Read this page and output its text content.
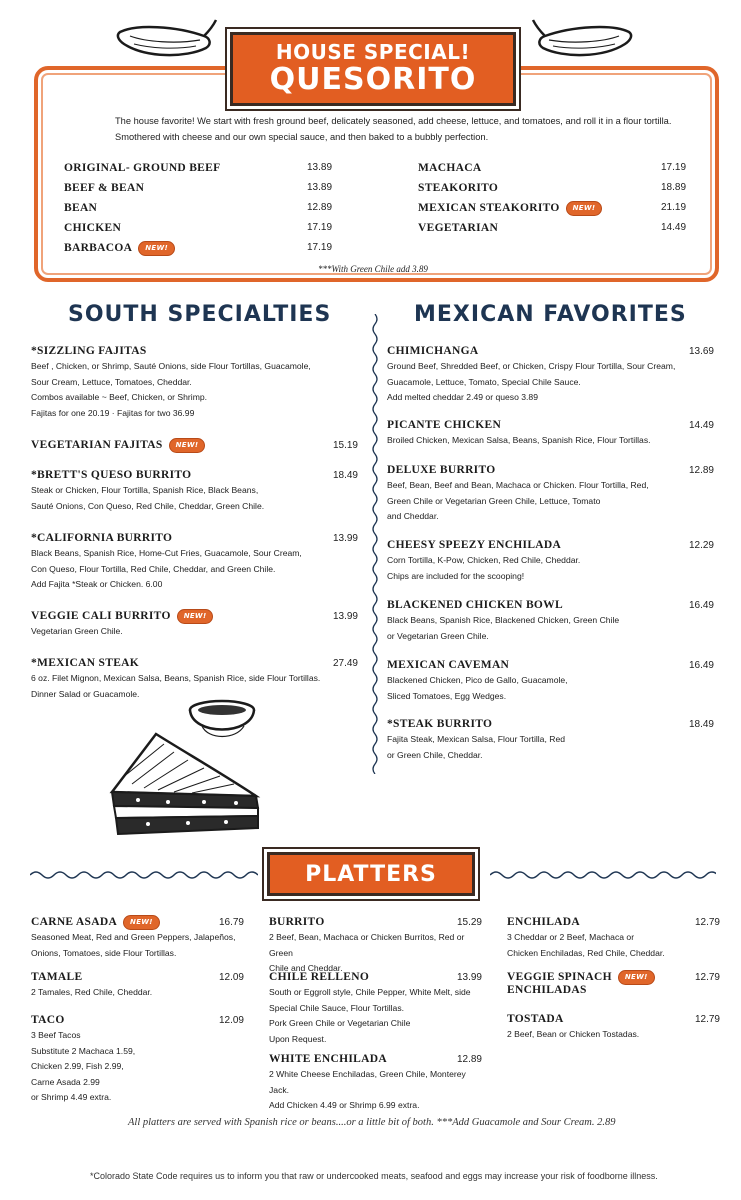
HOUSE SPECIAL!
QUESORITO
The house favorite! We start with fresh ground beef, delicately seasoned, add cheese, lettuce, and tomatoes, and roll it in a flour tortilla.
Smothered with cheese and our own special sauce, and then baked to a bubbly perfection.
ORIGINAL- GROUND BEEF	13.89
BEEF & BEAN	13.89
BEAN	12.89
CHICKEN	17.19
BARBACOA	NEW!	17.19
MACHACA	17.19
STEAKORITO	18.89
MEXICAN STEAKORITO	NEW!	21.19
VEGETARIAN	14.49
***With Green Chile add 3.89
SOUTH SPECIALTIES	MEXICAN FAVORITES
*SIZZLING FAJITAS
Beef , Chicken, or Shrimp, Sauté Onions, side Flour Tortillas, Guacamole,
Sour Cream, Lettuce, Tomatoes, Cheddar.
Combos available ~ Beef, Chicken, or Shrimp.
Fajitas for one 20.19 · Fajitas for two 36.99
VEGETARIAN FAJITAS	NEW!	15.19
*BRETT'S QUESO BURRITO	18.49
Steak or Chicken, Flour Tortilla, Spanish Rice, Black Beans,
Sauté Onions, Con Queso, Red Chile, Cheddar, Green Chile.
*CALIFORNIA BURRITO	13.99
Black Beans, Spanish Rice, Home-Cut Fries, Guacamole, Sour Cream,
Con Queso, Flour Tortilla, Red Chile, Cheddar, and Green Chile.
Add Fajita *Steak or Chicken. 6.00
VEGGIE CALI BURRITO	NEW!	13.99
Vegetarian Green Chile.
*MEXICAN STEAK	27.49
6 oz. Filet Mignon, Mexican Salsa, Beans, Spanish Rice, side Flour Tortillas.
Dinner Salad or Guacamole.
CHIMICHANGA	13.69
Ground Beef, Shredded Beef, or Chicken, Crispy Flour Tortilla, Sour Cream,
Guacamole, Lettuce, Tomato, Special Chile Sauce.
Add melted cheddar 2.49 or queso 3.89
PICANTE CHICKEN	14.49
Broiled Chicken, Mexican Salsa, Beans, Spanish Rice, Flour Tortillas.
DELUXE BURRITO	12.89
Beef, Bean, Beef and Bean, Machaca or Chicken. Flour Tortilla, Red,
Green Chile or Vegetarian Green Chile, Lettuce, Tomato
and Cheddar.
CHEESY SPEEZY ENCHILADA	12.29
Corn Tortilla, K-Pow, Chicken, Red Chile, Cheddar.
Chips are included for the scooping!
BLACKENED CHICKEN BOWL	16.49
Black Beans, Spanish Rice, Blackened Chicken, Green Chile
or Vegetarian Green Chile.
MEXICAN CAVEMAN	16.49
Blackened Chicken, Pico de Gallo, Guacamole,
Sliced Tomatoes, Egg Wedges.
*STEAK BURRITO	18.49
Fajita Steak, Mexican Salsa, Flour Tortilla, Red
or Green Chile, Cheddar.
PLATTERS
CARNE ASADA	NEW!	16.79
Seasoned Meat, Red and Green Peppers, Jalapeños,
Onions, Tomatoes, side Flour Tortillas.
TAMALE	12.09
2 Tamales, Red Chile, Cheddar.
TACO	12.09
3 Beef Tacos
Substitute 2 Machaca 1.59,
Chicken 2.99, Fish 2.99,
Carne Asada 2.99
or Shrimp 4.49 extra.
BURRITO	15.29
2 Beef, Bean, Machaca or Chicken Burritos, Red or Green
Chile and Cheddar.
CHILE RELLENO	13.99
South or Eggroll style, Chile Pepper, White Melt, side
Special Chile Sauce, Flour Tortillas.
Pork Green Chile or Vegetarian Chile
Upon Request.
WHITE ENCHILADA	12.89
2 White Cheese Enchiladas, Green Chile, Monterey Jack.
Add Chicken 4.49 or Shrimp 6.99 extra.
ENCHILADA	12.79
3 Cheddar or 2 Beef, Machaca or
Chicken Enchiladas, Red Chile, Cheddar.
VEGGIE SPINACH	NEW!	12.79
ENCHILADAS
TOSTADA	12.79
2 Beef, Bean or Chicken Tostadas.
All platters are served with Spanish rice or beans....or a little bit of both. ***Add Guacamole and Sour Cream. 2.89
*Colorado State Code requires us to inform you that raw or undercooked meats, seafood and eggs may increase your risk of foodborne illness.
